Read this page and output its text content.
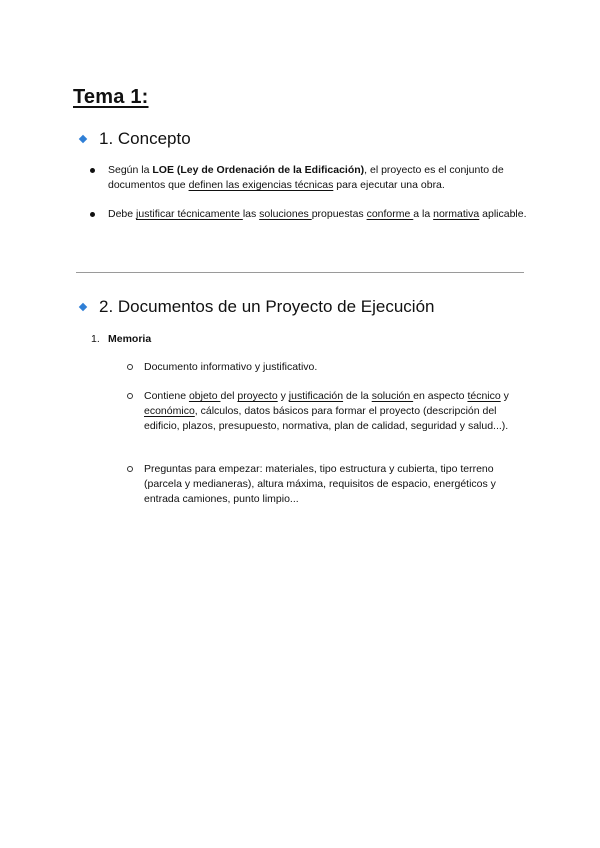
Tema 1:
1. Concepto
Según la LOE (Ley de Ordenación de la Edificación), el proyecto es el conjunto de documentos que definen las exigencias técnicas para ejecutar una obra.
Debe justificar técnicamente las soluciones propuestas conforme a la normativa aplicable.
2. Documentos de un Proyecto de Ejecución
1. Memoria
Documento informativo y justificativo.
Contiene objeto del proyecto y justificación de la solución en aspecto técnico y económico, cálculos, datos básicos para formar el proyecto (descripción del edificio, plazos, presupuesto, normativa, plan de calidad, seguridad y salud...).
Preguntas para empezar: materiales, tipo estructura y cubierta, tipo terreno (parcela y medianeras), altura máxima, requisitos de espacio, energéticos y entrada camiones, punto limpio...
